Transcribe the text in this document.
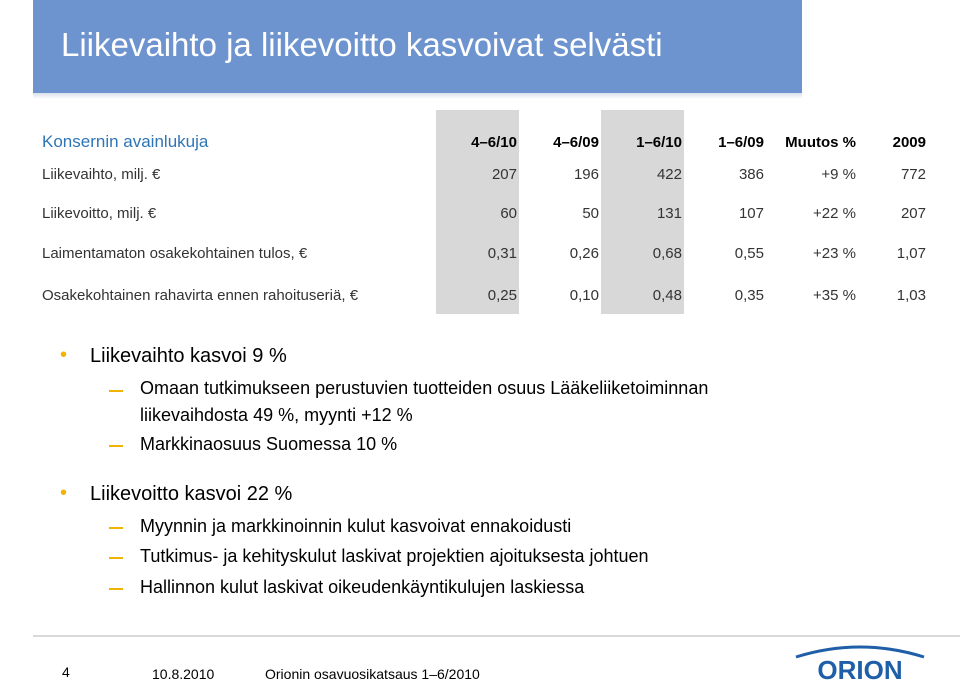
Liikevaihto ja liikevoitto kasvoivat selvästi
Konsernin avainlukuja	4–6/10 4–6/09 1–6/10 1–6/09 Muutos % 2009
Liikevaihto, milj. €	207	196	422	386	+9 %	772
Liikevoitto, milj. €	60	50	131	107	+22 %	207
Laimentamaton osakekohtainen tulos, €	0,31	0,26	0,68	0,55	+23 %	1,07
Osakekohtainen rahavirta ennen rahoituseriä, €	0,25	0,10	0,48	0,35	+35 %	1,03
• Liikevaihto kasvoi 9 %
Omaan tutkimukseen perustuvien tuotteiden osuus Lääkeliiketoiminnan
liikevaihdosta 49 %, myynti +12 %
Markkinaosuus Suomessa 10 %
• Liikevoitto kasvoi 22 %
Myynnin ja markkinoinnin kulut kasvoivat ennakoidusti
Tutkimus- ja kehityskulut laskivat projektien ajoituksesta johtuen
Hallinnon kulut laskivat oikeudenkäyntikulujen laskiessa
4	10.8.2010	Orionin osavuosikatsaus 1–6/2010	ORION
